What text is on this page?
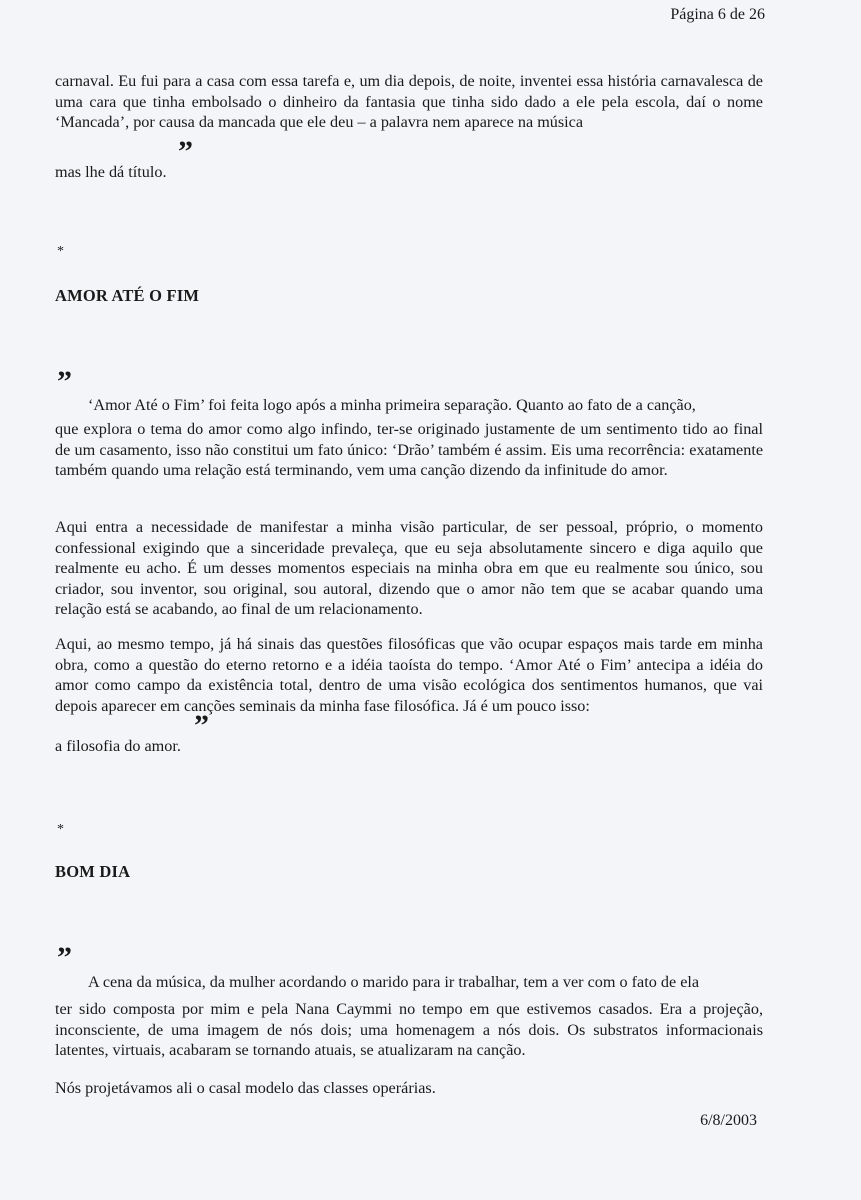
Página 6 de 26
carnaval. Eu fui para a casa com essa tarefa e, um dia depois, de noite, inventei essa história carnavalesca de uma cara que tinha embolsado o dinheiro da fantasia que tinha sido dado a ele pela escola, daí o nome ‘Mancada’, por causa da mancada que ele deu – a palavra nem aparece na música
”
mas lhe dá título.
*
AMOR ATÉ O FIM
”
‘Amor Até o Fim’ foi feita logo após a minha primeira separação. Quanto ao fato de a canção,
que explora o tema do amor como algo infindo, ter-se originado justamente de um sentimento tido ao final de um casamento, isso não constitui um fato único: ‘Drão’ também é assim. Eis uma recorrência: exatamente também quando uma relação está terminando, vem uma canção dizendo da infinitude do amor.
Aqui entra a necessidade de manifestar a minha visão particular, de ser pessoal, próprio, o momento confessional exigindo que a sinceridade prevaleça, que eu seja absolutamente sincero e diga aquilo que realmente eu acho. É um desses momentos especiais na minha obra em que eu realmente sou único, sou criador, sou inventor, sou original, sou autoral, dizendo que o amor não tem que se acabar quando uma relação está se acabando, ao final de um relacionamento.
Aqui, ao mesmo tempo, já há sinais das questões filosóficas que vão ocupar espaços mais tarde em minha obra, como a questão do eterno retorno e a idéia taoísta do tempo. ‘Amor Até o Fim’ antecipa a idéia do amor como campo da existência total, dentro de uma visão ecológica dos sentimentos humanos, que vai depois aparecer em canções seminais da minha fase filosófica. Já é um pouco isso:
”
a filosofia do amor.
*
BOM DIA
”
A cena da música, da mulher acordando o marido para ir trabalhar, tem a ver com o fato de ela
ter sido composta por mim e pela Nana Caymmi no tempo em que estivemos casados. Era a projeção, inconsciente, de uma imagem de nós dois; uma homenagem a nós dois. Os substratos informacionais latentes, virtuais, acabaram se tornando atuais, se atualizaram na canção.
Nós projetávamos ali o casal modelo das classes operárias.
6/8/2003
